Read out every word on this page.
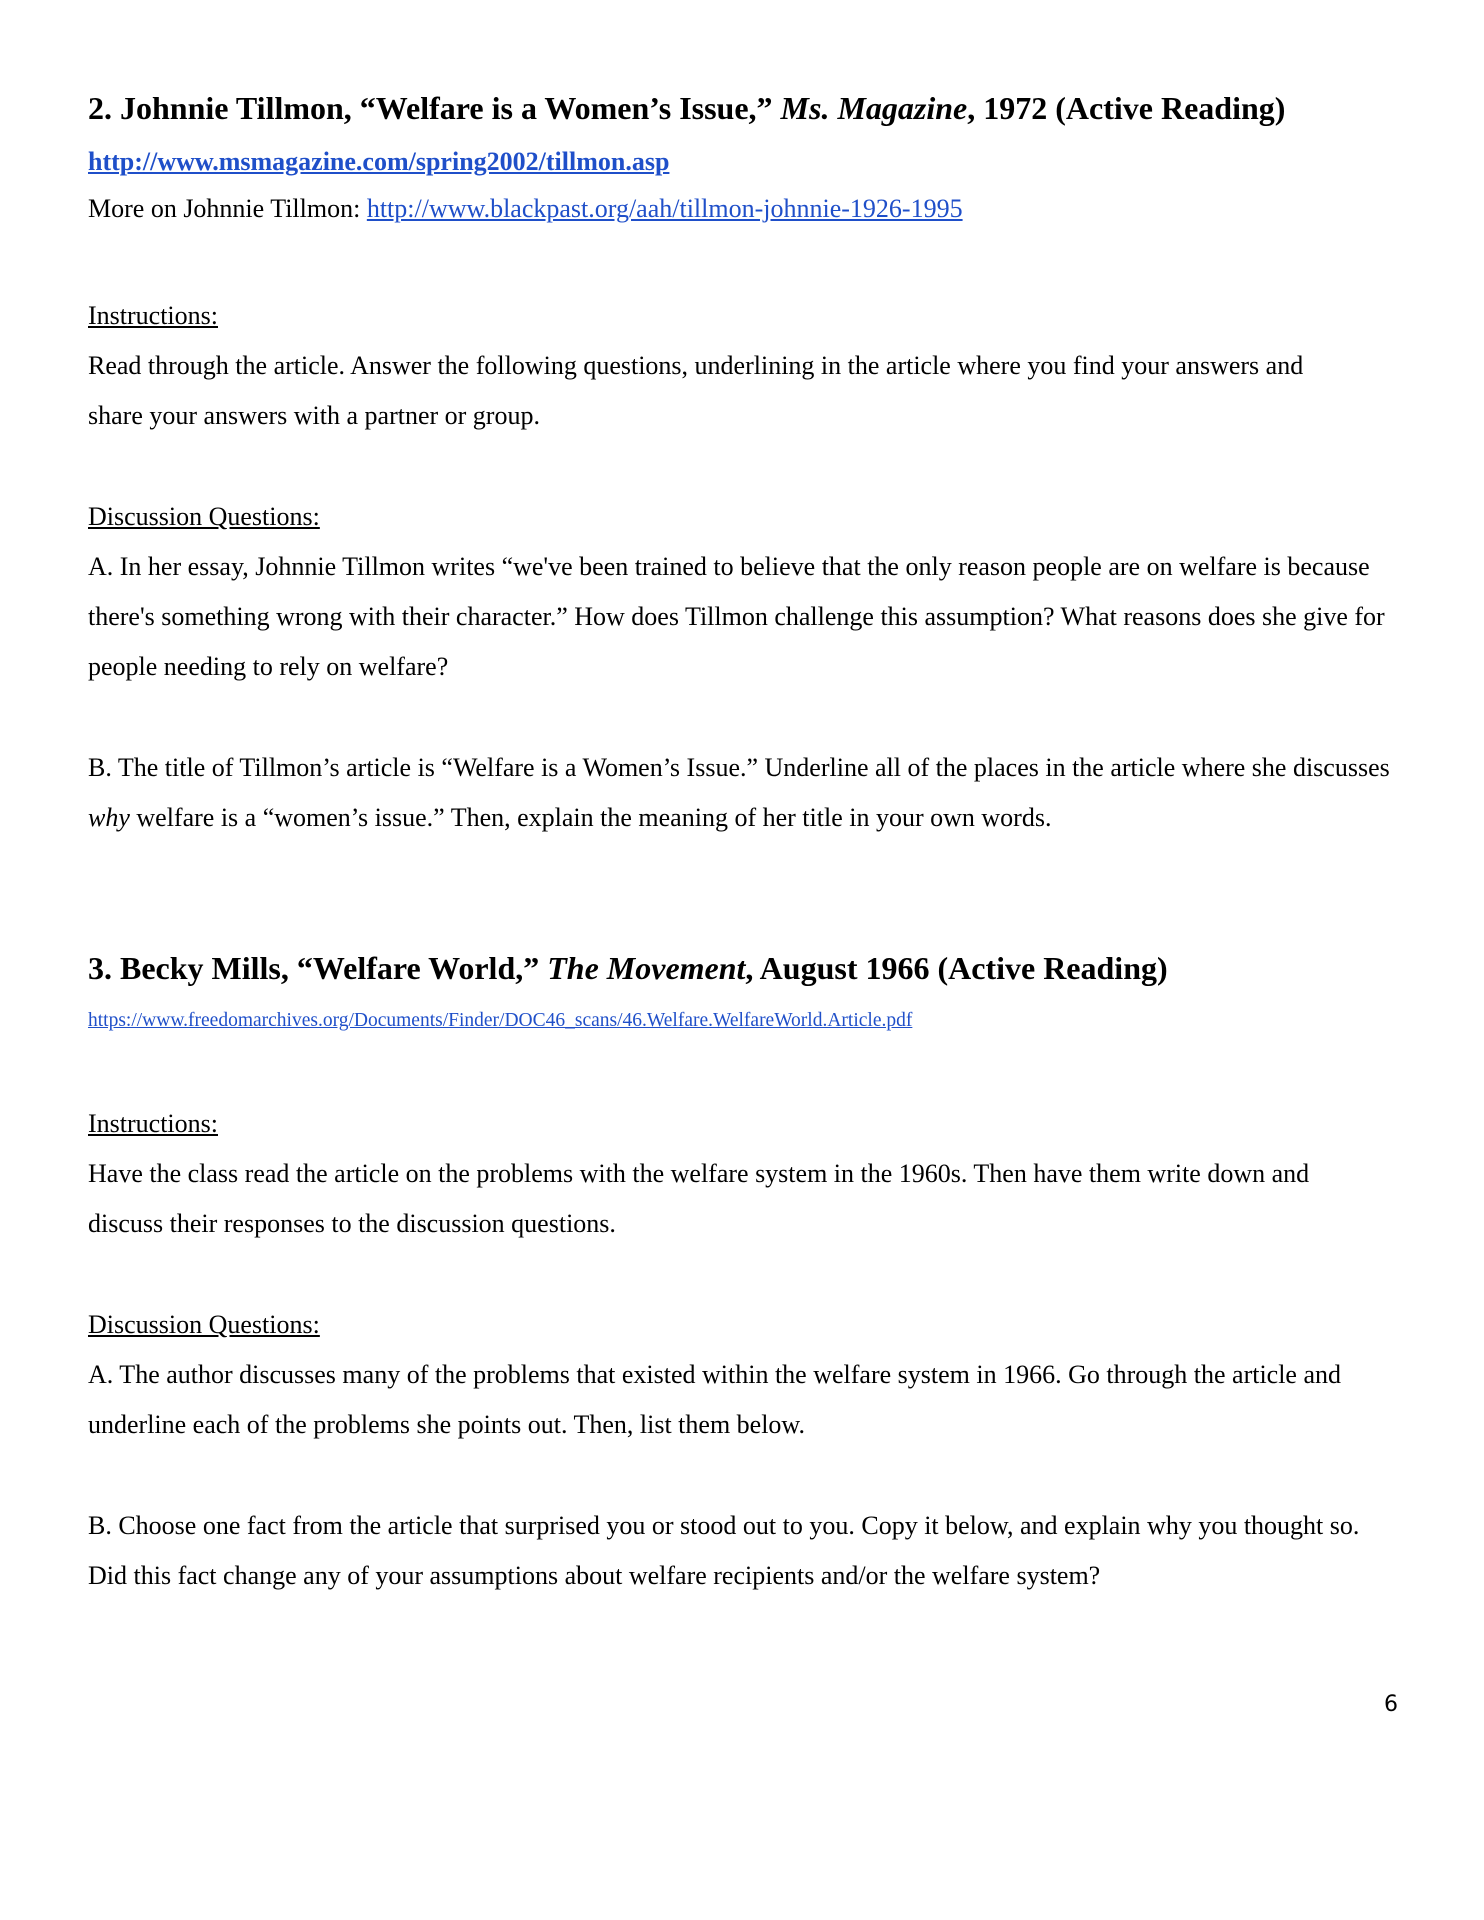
2. Johnnie Tillmon, “Welfare is a Women’s Issue,” Ms. Magazine, 1972 (Active Reading)
http://www.msmagazine.com/spring2002/tillmon.asp

More on Johnnie Tillmon: http://www.blackpast.org/aah/tillmon-johnnie-1926-1995

Instructions:

Read through the article. Answer the following questions, underlining in the article where you find your answers and share your answers with a partner or group.

Discussion Questions:

A. In her essay, Johnnie Tillmon writes “we've been trained to believe that the only reason people are on welfare is because there's something wrong with their character.” How does Tillmon challenge this assumption? What reasons does she give for people needing to rely on welfare?

B. The title of Tillmon’s article is “Welfare is a Women’s Issue.” Underline all of the places in the article where she discusses why welfare is a “women’s issue.” Then, explain the meaning of her title in your own words.

3. Becky Mills, “Welfare World,” The Movement, August 1966 (Active Reading)
https://www.freedomarchives.org/Documents/Finder/DOC46_scans/46.Welfare.WelfareWorld.Article.pdf
Instructions:

Have the class read the article on the problems with the welfare system in the 1960s. Then have them write down and discuss their responses to the discussion questions.

Discussion Questions:

A. The author discusses many of the problems that existed within the welfare system in 1966. Go through the article and underline each of the problems she points out. Then, list them below.

B. Choose one fact from the article that surprised you or stood out to you. Copy it below, and explain why you thought so. Did this fact change any of your assumptions about welfare recipients and/or the welfare system?

6
